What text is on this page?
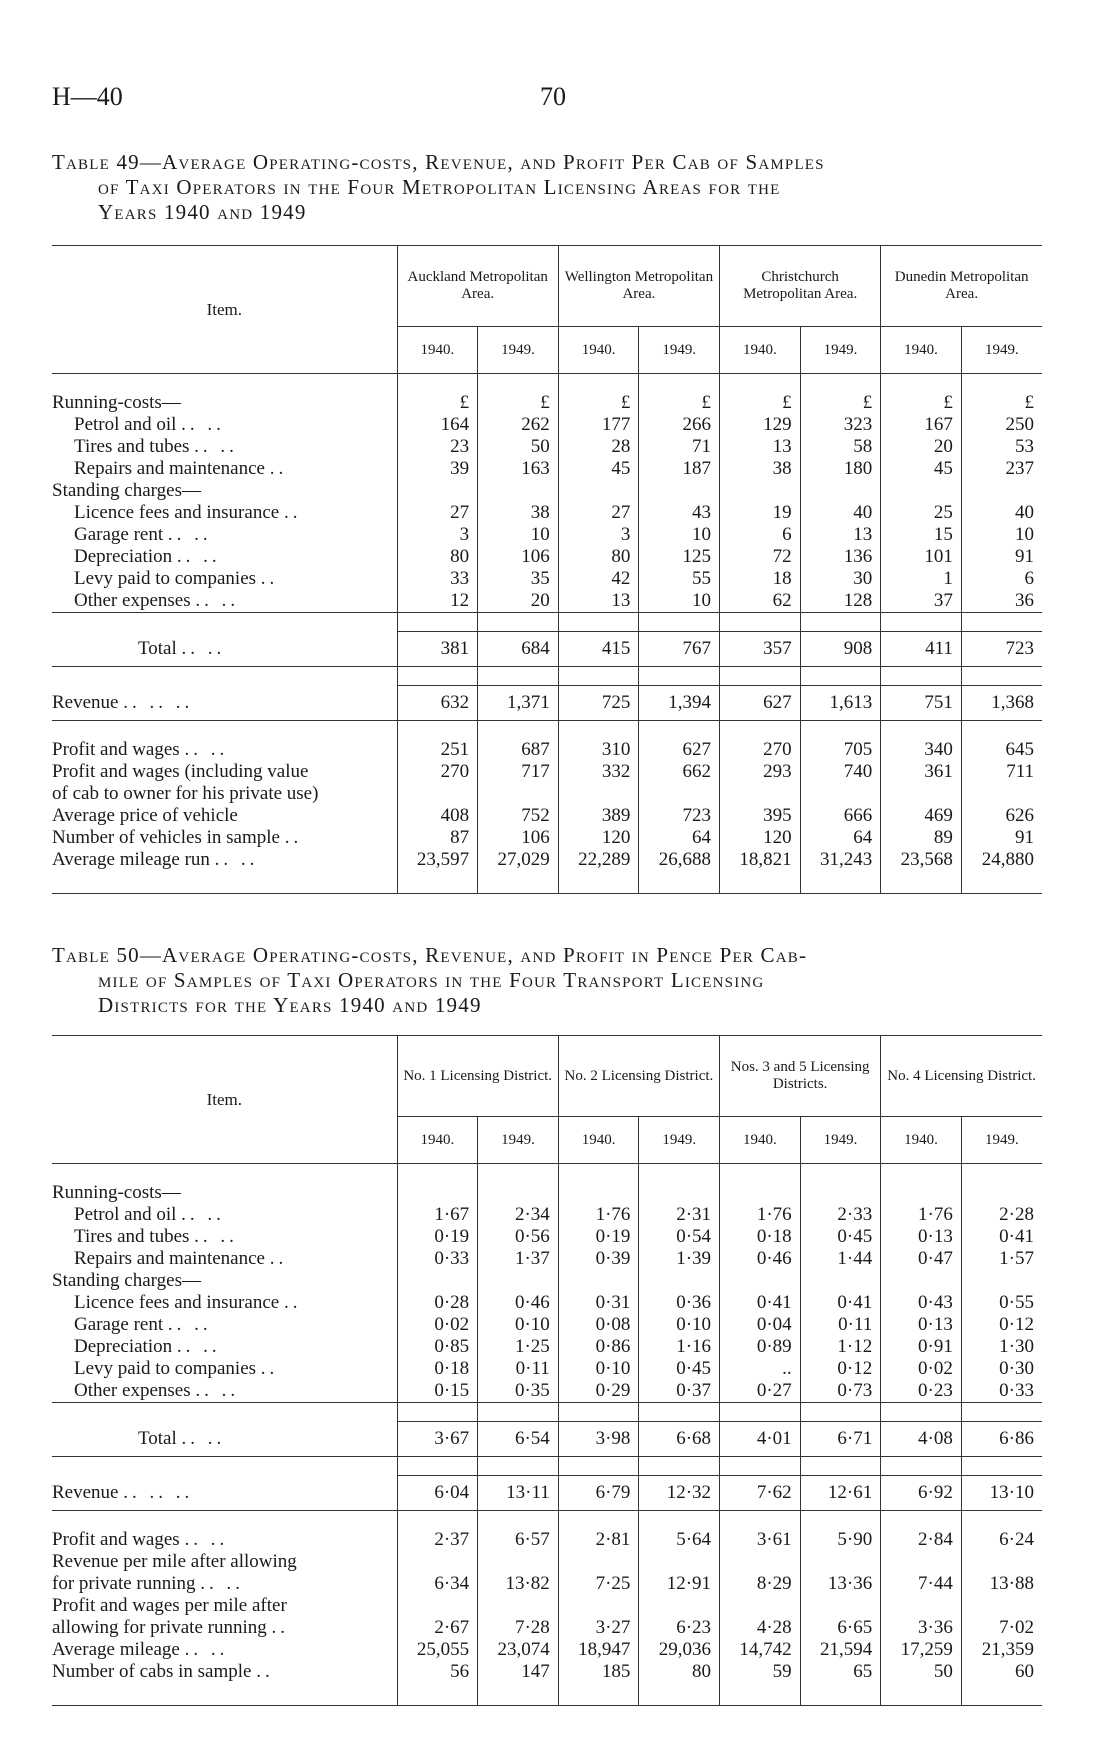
H—40	70
Table 49—Average Operating-costs, Revenue, and Profit Per Cab of Samples
of Taxi Operators in the Four Metropolitan Licensing Areas for the
Years 1940 and 1949
Item.	Auckland Metropolitan Area.		Wellington Metropolitan Area.		Christchurch Metropolitan Area.		Dunedin Metropolitan Area.	
	1940.	1949.	1940.	1949.	1940.	1949.	1940.	1949.

Running-costs—	£	£	£	£	£	£	£	£
Petrol and oil .. ..	164	262	177	266	129	323	167	250
Tires and tubes .. ..	23	50	28	71	13	58	20	53
Repairs and maintenance ..	39	163	45	187	38	180	45	237
Standing charges—								
Licence fees and insurance ..	27	38	27	43	19	40	25	40
Garage rent .. ..	3	10	3	10	6	13	15	10
Depreciation .. ..	80	106	80	125	72	136	101	91
Levy paid to companies ..	33	35	42	55	18	30	1	6
Other expenses .. ..	12	20	13	10	62	128	37	36

Total .. ..	381	684	415	767	357	908	411	723

Revenue .. .. ..	632	1,371	725	1,394	627	1,613	751	1,368

Profit and wages .. ..	251	687	310	627	270	705	340	645
Profit and wages (including value	270	717	332	662	293	740	361	711
of cab to owner for his private use)								
Average price of vehicle	408	752	389	723	395	666	469	626
Number of vehicles in sample ..	87	106	120	64	120	64	89	91
Average mileage run .. ..	23,597	27,029	22,289	26,688	18,821	31,243	23,568	24,880

Table 50—Average Operating-costs, Revenue, and Profit in Pence Per Cab-
mile of Samples of Taxi Operators in the Four Transport Licensing
Districts for the Years 1940 and 1949
Item.	No. 1 Licensing District.		No. 2 Licensing District.		Nos. 3 and 5 Licensing Districts.		No. 4 Licensing District.	
	1940.	1949.	1940.	1949.	1940.	1949.	1940.	1949.

Running-costs—								
Petrol and oil .. ..	1·67	2·34	1·76	2·31	1·76	2·33	1·76	2·28
Tires and tubes .. ..	0·19	0·56	0·19	0·54	0·18	0·45	0·13	0·41
Repairs and maintenance ..	0·33	1·37	0·39	1·39	0·46	1·44	0·47	1·57
Standing charges—								
Licence fees and insurance ..	0·28	0·46	0·31	0·36	0·41	0·41	0·43	0·55
Garage rent .. ..	0·02	0·10	0·08	0·10	0·04	0·11	0·13	0·12
Depreciation .. ..	0·85	1·25	0·86	1·16	0·89	1·12	0·91	1·30
Levy paid to companies ..	0·18	0·11	0·10	0·45	..	0·12	0·02	0·30
Other expenses .. ..	0·15	0·35	0·29	0·37	0·27	0·73	0·23	0·33

Total .. ..	3·67	6·54	3·98	6·68	4·01	6·71	4·08	6·86

Revenue .. .. ..	6·04	13·11	6·79	12·32	7·62	12·61	6·92	13·10

Profit and wages .. ..	2·37	6·57	2·81	5·64	3·61	5·90	2·84	6·24
Revenue per mile after allowing								
for private running .. ..	6·34	13·82	7·25	12·91	8·29	13·36	7·44	13·88
Profit and wages per mile after								
allowing for private running ..	2·67	7·28	3·27	6·23	4·28	6·65	3·36	7·02
Average mileage .. ..	25,055	23,074	18,947	29,036	14,742	21,594	17,259	21,359
Number of cabs in sample ..	56	147	185	80	59	65	50	60
